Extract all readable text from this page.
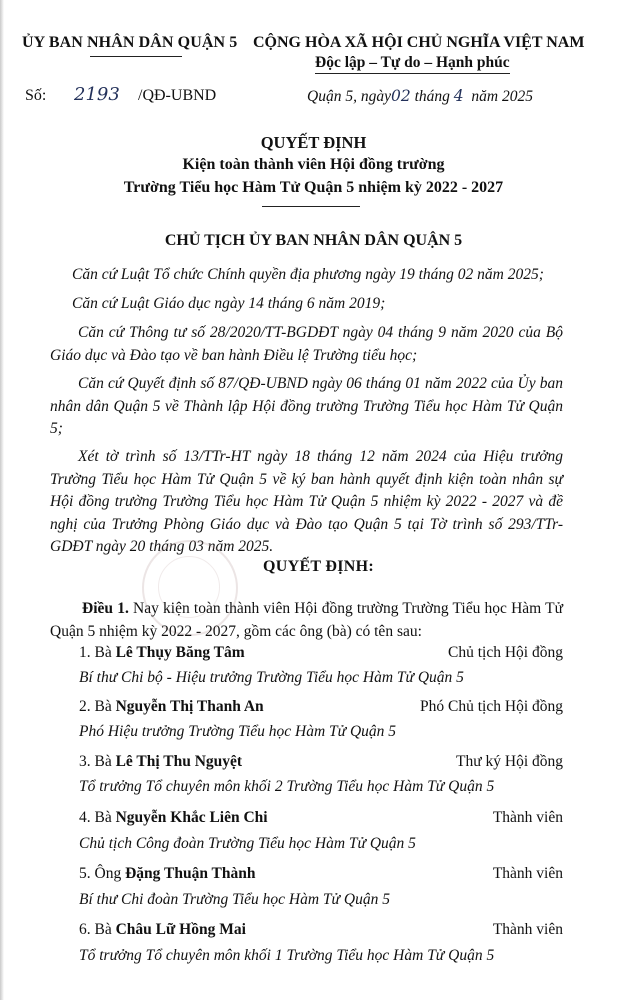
ỦY BAN NHÂN DÂN QUẬN 5 CỘNG HÒA XÃ HỘI CHỦ NGHĨA VIỆT NAM
Độc lập – Tự do – Hạnh phúc
Số: 2193 /QĐ-UBND	Quận 5, ngày02 tháng 4 năm 2025
QUYẾT ĐỊNH
Kiện toàn thành viên Hội đồng trường
Trường Tiểu học Hàm Tử Quận 5 nhiệm kỳ 2022 - 2027
CHỦ TỊCH ỦY BAN NHÂN DÂN QUẬN 5
Căn cứ Luật Tổ chức Chính quyền địa phương ngày 19 tháng 02 năm 2025;
Căn cứ Luật Giáo dục ngày 14 tháng 6 năm 2019;
Căn cứ Thông tư số 28/2020/TT-BGDĐT ngày 04 tháng 9 năm 2020 của Bộ Giáo dục và Đào tạo về ban hành Điều lệ Trường tiểu học;
Căn cứ Quyết định số 87/QĐ-UBND ngày 06 tháng 01 năm 2022 của Ủy ban nhân dân Quận 5 về Thành lập Hội đồng trường Trường Tiểu học Hàm Tử Quận 5;
Xét tờ trình số 13/TTr-HT ngày 18 tháng 12 năm 2024 của Hiệu trưởng Trường Tiểu học Hàm Tử Quận 5 về ký ban hành quyết định kiện toàn nhân sự Hội đồng trường Trường Tiểu học Hàm Tử Quận 5 nhiệm kỳ 2022 - 2027 và đề nghị của Trưởng Phòng Giáo dục và Đào tạo Quận 5 tại Tờ trình số 293/TTr-GDĐT ngày 20 tháng 03 năm 2025.
QUYẾT ĐỊNH:
Điều 1. Nay kiện toàn thành viên Hội đồng trường Trường Tiểu học Hàm Tử Quận 5 nhiệm kỳ 2022 - 2027, gồm các ông (bà) có tên sau:
1. Bà Lê Thụy Băng Tâm	Chủ tịch Hội đồng
Bí thư Chi bộ - Hiệu trưởng Trường Tiểu học Hàm Tử Quận 5
2. Bà Nguyễn Thị Thanh An	Phó Chủ tịch Hội đồng
Phó Hiệu trưởng Trường Tiểu học Hàm Tử Quận 5
3. Bà Lê Thị Thu Nguyệt	Thư ký Hội đồng
Tổ trưởng Tổ chuyên môn khối 2 Trường Tiểu học Hàm Tử Quận 5
4. Bà Nguyễn Khắc Liên Chi	Thành viên
Chủ tịch Công đoàn Trường Tiểu học Hàm Tử Quận 5
5. Ông Đặng Thuận Thành	Thành viên
Bí thư Chi đoàn Trường Tiểu học Hàm Tử Quận 5
6. Bà Châu Lữ Hồng Mai	Thành viên
Tổ trưởng Tổ chuyên môn khối 1 Trường Tiểu học Hàm Tử Quận 5
